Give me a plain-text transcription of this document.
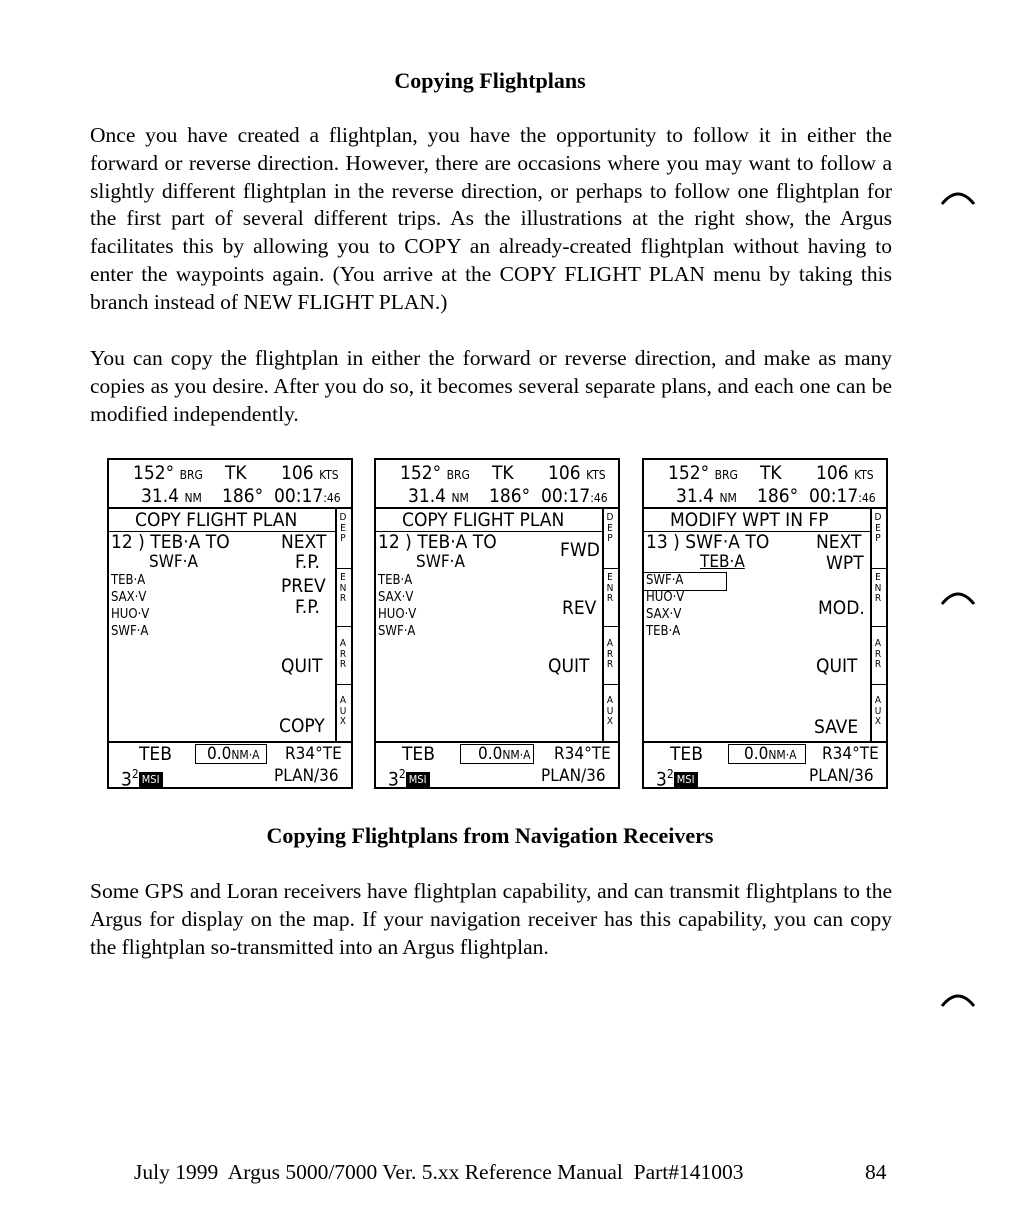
Copying Flightplans

Once you have created a flightplan, you have the opportunity to follow it in either the forward or reverse direction. However, there are occasions where you may want to follow a slightly different flightplan in the reverse direction, or perhaps to follow one flightplan for the first part of several different trips. As the illustrations at the right show, the Argus facilitates this by allowing you to COPY an already-created flightplan without having to enter the waypoints again. (You arrive at the COPY FLIGHT PLAN menu by taking this branch instead of NEW FLIGHT PLAN.)

You can copy the flightplan in either the forward or reverse direction, and make as many copies as you desire. After you do so, it becomes several separate plans, and each one can be modified independently.

152° BRG TK 106 KTS
31.4 NM 186° 00:17:46
COPY FLIGHT PLAN
12 ) TEB·A TO
SWF·A
TEB·A
SAX·V
HUO·V
SWF·A
NEXT
F.P.
PREV
F.P.
QUIT
COPY
D
E
P
E
N
R
A
R
R
A
U
X
TEB 0.0NM·A R34°TE
$3^2$ MSI	PLAN/36
152° BRG TK 106 KTS
31.4 NM 186° 00:17:46
COPY FLIGHT PLAN
12 ) TEB·A TO
SWF·A
TEB·A
SAX·V
HUO·V
SWF·A
FWD
REV
QUIT
D
E
P
E
N
R
A
R
R
A
U
X
TEB	0.0NM·A R34°TE
$3^2$ MSI	PLAN/36
152° BRG TK 106 KTS
31.4 NM 186° 00:17:46
MODIFY WPT IN FP
13 ) SWF·A TO
TEB·A
SWF·A
HUO·V
SAX·V
TEB·A
NEXT
WPT
MOD.
QUIT
SAVE
D
E
P
E
N
R
A
R
R
A
U
X
TEB 0.0NM·A R34°TE
$3^2$ MSI	PLAN/36
Copying Flightplans from Navigation Receivers

Some GPS and Loran receivers have flightplan capability, and can transmit flightplans to the Argus for display on the map. If your navigation receiver has this capability, you can copy the flightplan so-transmitted into an Argus flightplan.

July 1999  Argus 5000/7000 Ver. 5.xx Reference Manual  Part#141003	84
